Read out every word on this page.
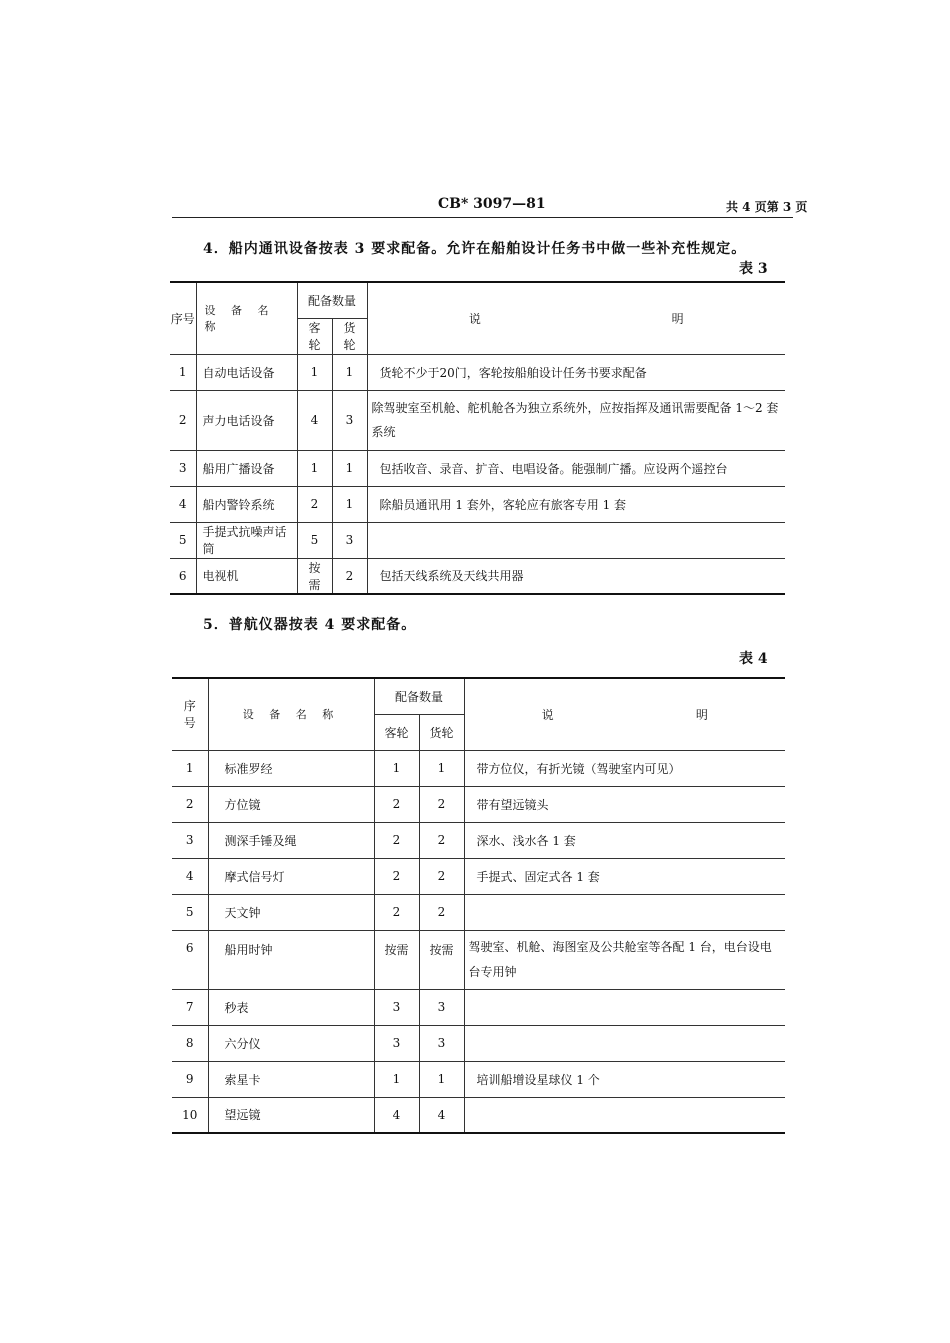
CB* 3097—81	共 4 页第 3 页
4．船内通讯设备按表 3 要求配备。允许在船舶设计任务书中做一些补充性规定。
表 3
序号	设 备 名 称	配备数量		说 明

		客轮	货轮	
1	自动电话设备	1	1	货轮不少于20门，客轮按船舶设计任务书要求配备
2	声力电话设备	4	3	除驾驶室至机舱、舵机舱各为独立系统外，应按指挥及通讯需要配备 1～2 套系统
3	船用广播设备	1	1	包括收音、录音、扩音、电唱设备。能强制广播。应设两个遥控台
4	船内警铃系统	2	1	除船员通讯用 1 套外，客轮应有旅客专用 1 套
5	手提式抗噪声话筒	5	3	
6	电视机	按需	2	包括天线系统及天线共用器
5．普航仪器按表 4 要求配备。
表 4
序号	设 备 名 称	配备数量		说 明

		客轮	货轮	
1	标准罗经	1	1	带方位仪，有折光镜（驾驶室内可见）
2	方位镜	2	2	带有望远镜头
3	测深手锤及绳	2	2	深水、浅水各 1 套
4	摩式信号灯	2	2	手提式、固定式各 1 套
5	天文钟	2	2	
6	船用时钟	按需	按需	驾驶室、机舱、海图室及公共舱室等各配 1 台，电台设电台专用钟
7	秒表	3	3	
8	六分仪	3	3	
9	索星卡	1	1	培训船增设星球仪 1 个
10	望远镜	4	4	
